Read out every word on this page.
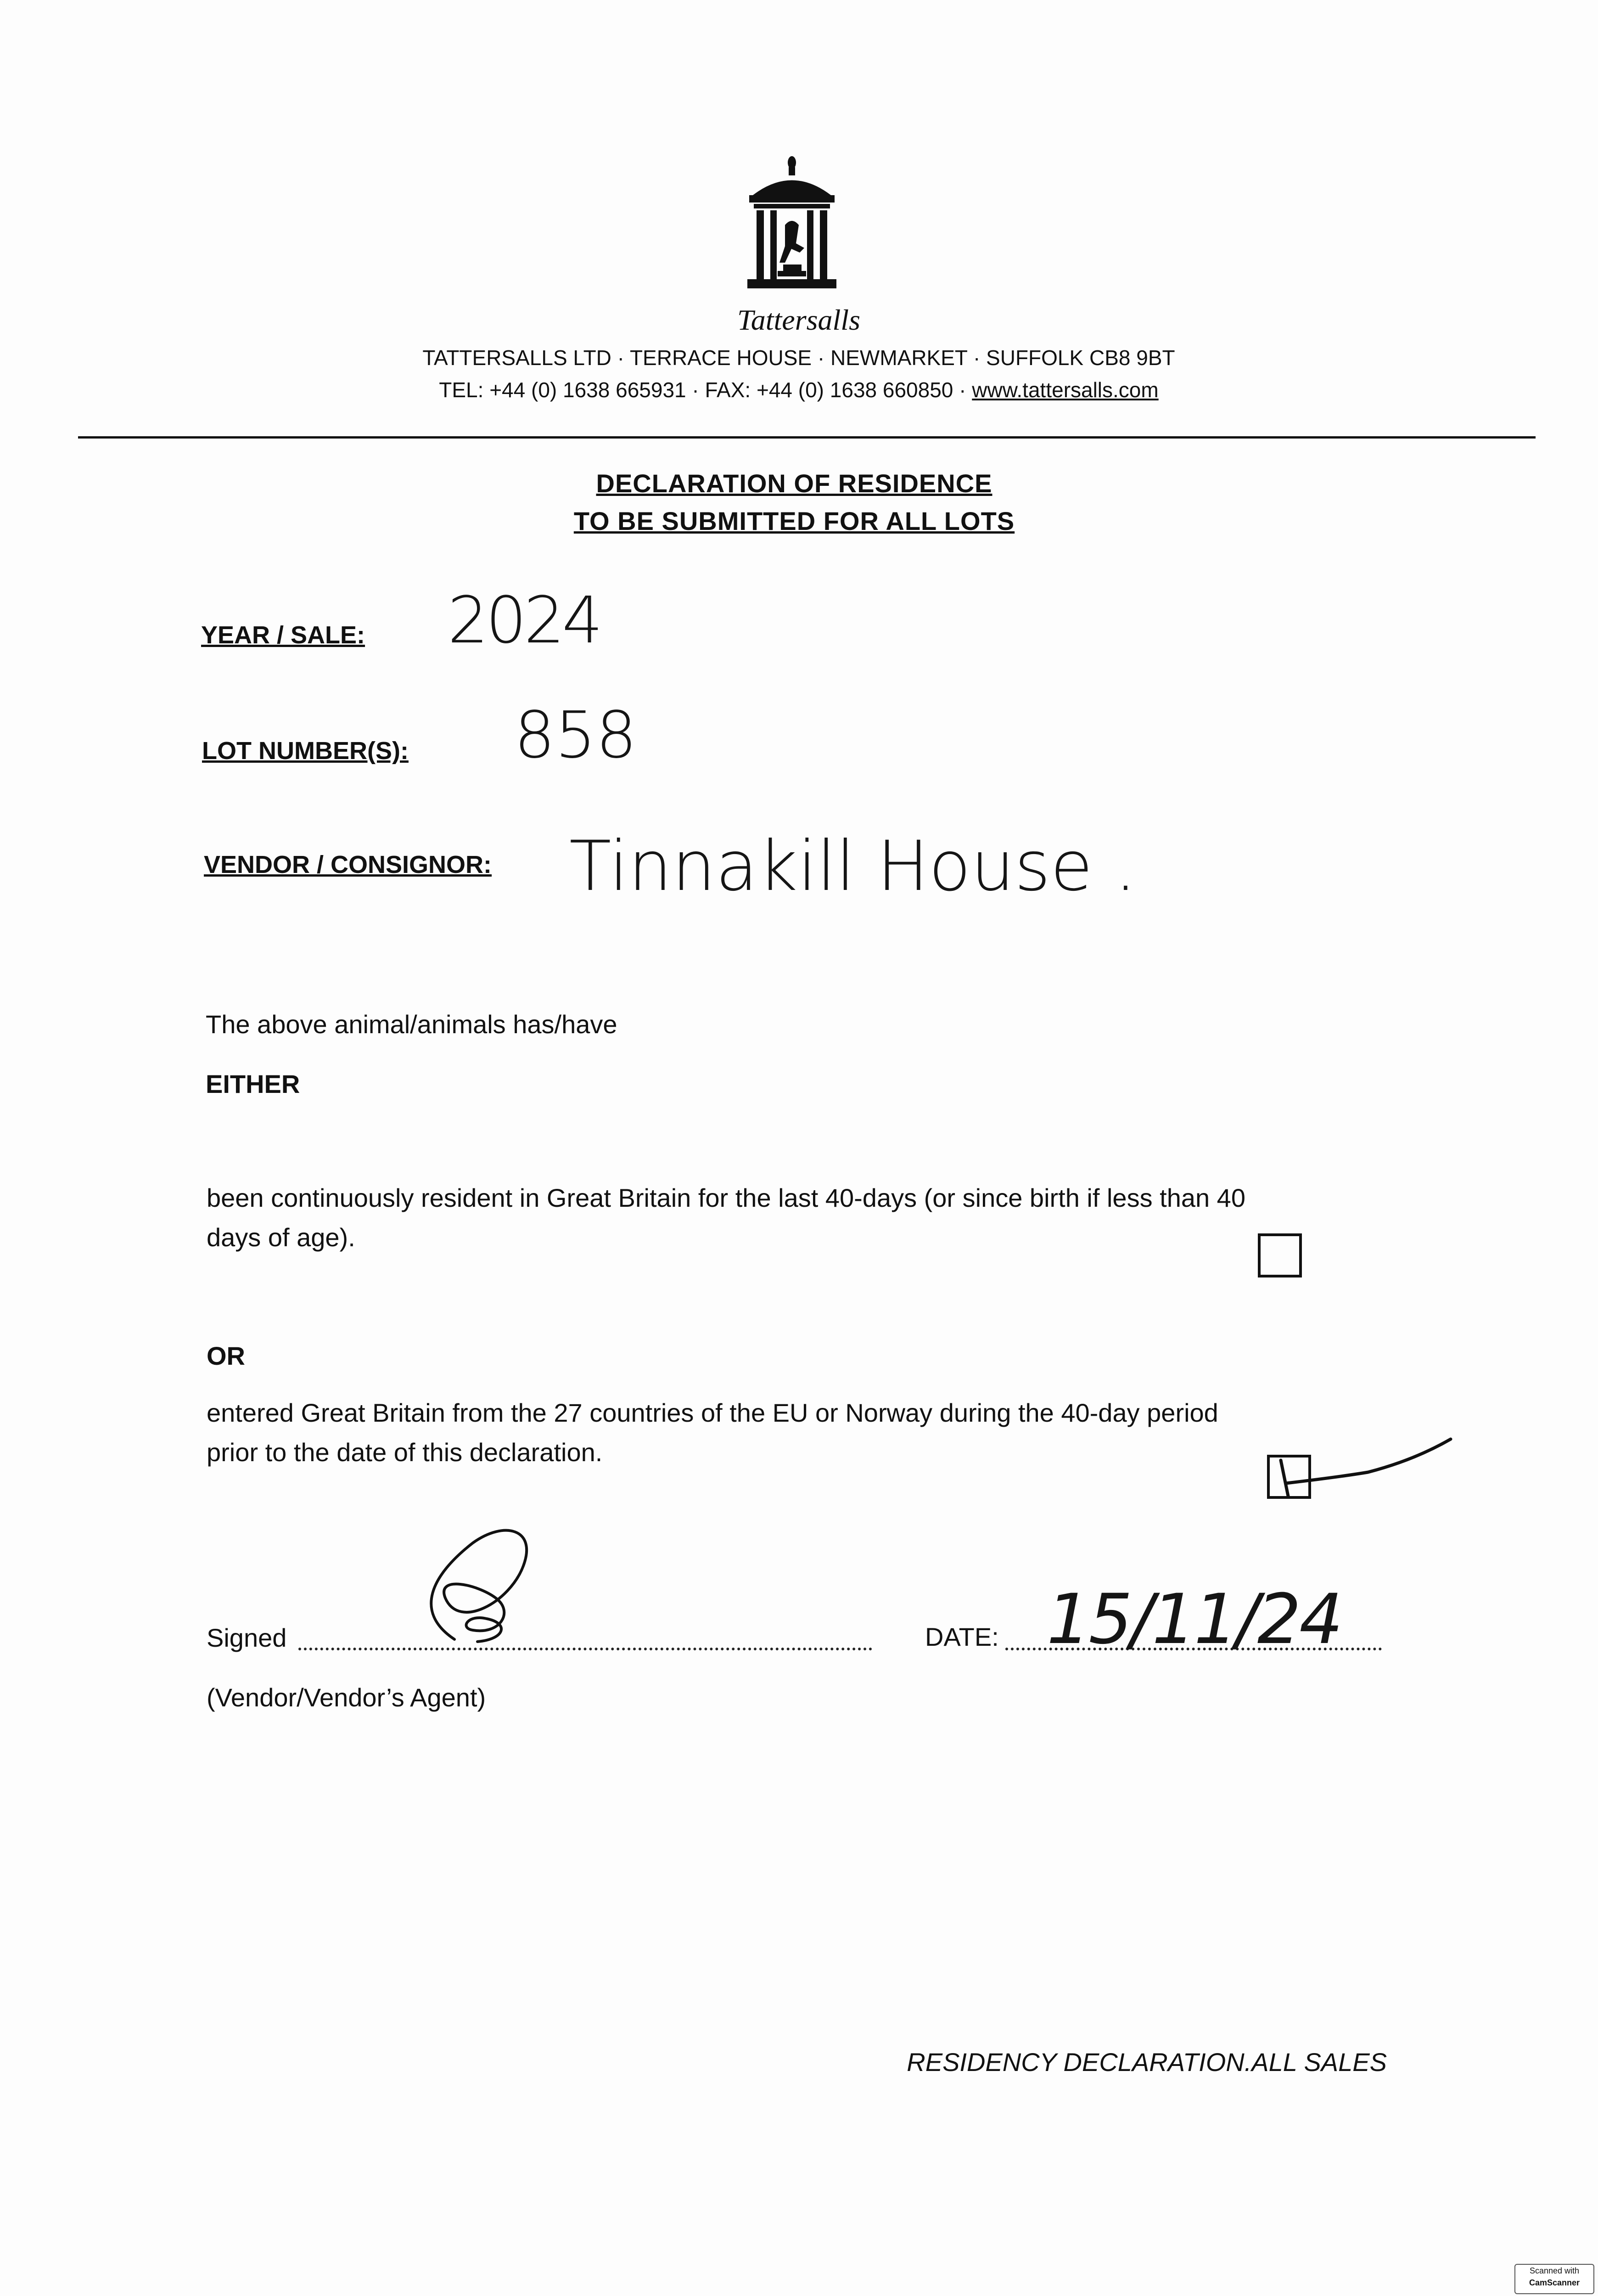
Tattersalls
TATTERSALLS LTD · TERRACE HOUSE · NEWMARKET · SUFFOLK CB8 9BT
TEL: +44 (0) 1638 665931 · FAX: +44 (0) 1638 660850 · www.tattersalls.com
DECLARATION OF RESIDENCE
TO BE SUBMITTED FOR ALL LOTS
YEAR / SALE: 2024
LOT NUMBER(S): 858
VENDOR / CONSIGNOR: Tinnakill House .
The above animal/animals has/have
EITHER
been continuously resident in Great Britain for the last 40-days (or since birth if less than 40
days of age).
OR
entered Great Britain from the 27 countries of the EU or Norway during the 40-day period
prior to the date of this declaration.
Signed
(Vendor/Vendor’s Agent)
DATE: 15/11/24
RESIDENCY DECLARATION.ALL SALES
Scanned with
CamScanner
